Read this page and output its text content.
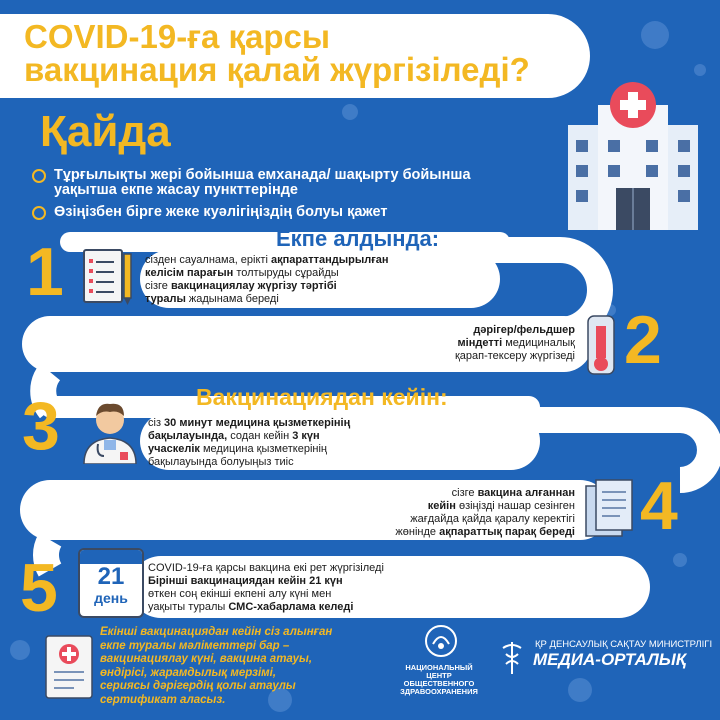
COVID-19-ға қарсы
вакцинация қалай жүргізіледі?
Қайда
Тұрғылықты жері бойынша емханада/ шақырту бойынша
уақытша екпе жасау пункттерінде
Өзіңізбен бірге жеке куәлігіңіздің болуы қажет
Екпе алдында:
1	сізден сауалнама, ерікті ақпараттандырылған
келісім парағын толтыруды сұрайды
сізге вакцинациялау жүргізу тәртібі
туралы жадынама береді
дәрігер/фельдшер
міндетті медициналық
қарап-тексеру жүргізеді 2
Вакцинациядан кейін:
3	сіз 30 минут медицина қызметкерінің
бақылауында, содан кейін 3 күн
учаскелік медицина қызметкерінің
бақылауында болуыңыз тиіс
сізге вакцина алғаннан
кейін өзіңізді нашар сезінген
жағдайда қайда қаралу керектігі
жөнінде ақпараттық парақ береді 4
5	21
день
COVID-19-ға қарсы вакцина екі рет жүргізіледі
Бірінші вакцинациядан кейін 21 күн
өткен соң екінші екпені алу күні мен
уақыты туралы СМС-хабарлама келеді
Екінші вакцинациядан кейін сіз алынған
екпе туралы мәліметтері бар –
вакцинациялау күні, вакцина атауы,
өндірісі, жарамдылық мерзімі,
сериясы дәрігердің қолы атаулы
сертификат аласыз.
НАЦИОНАЛЬНЫЙ ЦЕНТР
ОБЩЕСТВЕННОГО
ЗДРАВООХРАНЕНИЯ
ҚР ДЕНСАУЛЫҚ САҚТАУ МИНИСТРЛІГІ
МЕДИА-ОРТАЛЫҚ
